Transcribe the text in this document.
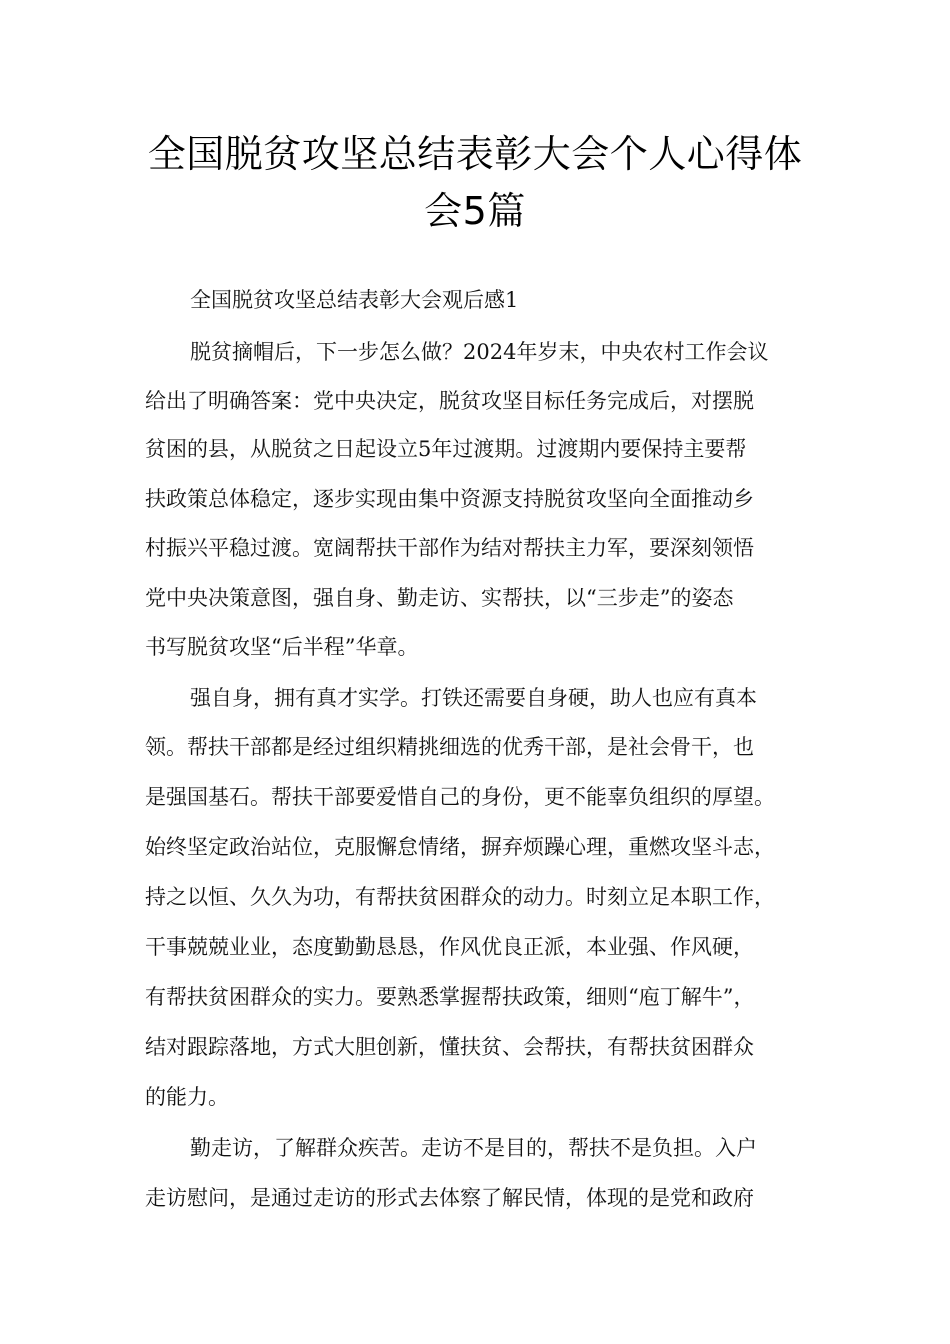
全国脱贫攻坚总结表彰大会个人心得体
会5篇
全国脱贫攻坚总结表彰大会观后感1
脱贫摘帽后，下一步怎么做？2024年岁末，中央农村工作会议
给出了明确答案：党中央决定，脱贫攻坚目标任务完成后，对摆脱
贫困的县，从脱贫之日起设立5年过渡期。过渡期内要保持主要帮
扶政策总体稳定，逐步实现由集中资源支持脱贫攻坚向全面推动乡
村振兴平稳过渡。宽阔帮扶干部作为结对帮扶主力军，要深刻领悟
党中央决策意图，强自身、勤走访、实帮扶，以“三步走”的姿态
书写脱贫攻坚“后半程”华章。
强自身，拥有真才实学。打铁还需要自身硬，助人也应有真本
领。帮扶干部都是经过组织精挑细选的优秀干部，是社会骨干，也
是强国基石。帮扶干部要爱惜自己的身份，更不能辜负组织的厚望。
始终坚定政治站位，克服懈怠情绪，摒弃烦躁心理，重燃攻坚斗志，
持之以恒、久久为功，有帮扶贫困群众的动力。时刻立足本职工作，
干事兢兢业业，态度勤勤恳恳，作风优良正派，本业强、作风硬，
有帮扶贫困群众的实力。要熟悉掌握帮扶政策，细则“庖丁解牛”，
结对跟踪落地，方式大胆创新，懂扶贫、会帮扶，有帮扶贫困群众
的能力。
勤走访，了解群众疾苦。走访不是目的，帮扶不是负担。入户
走访慰问，是通过走访的形式去体察了解民情，体现的是党和政府
